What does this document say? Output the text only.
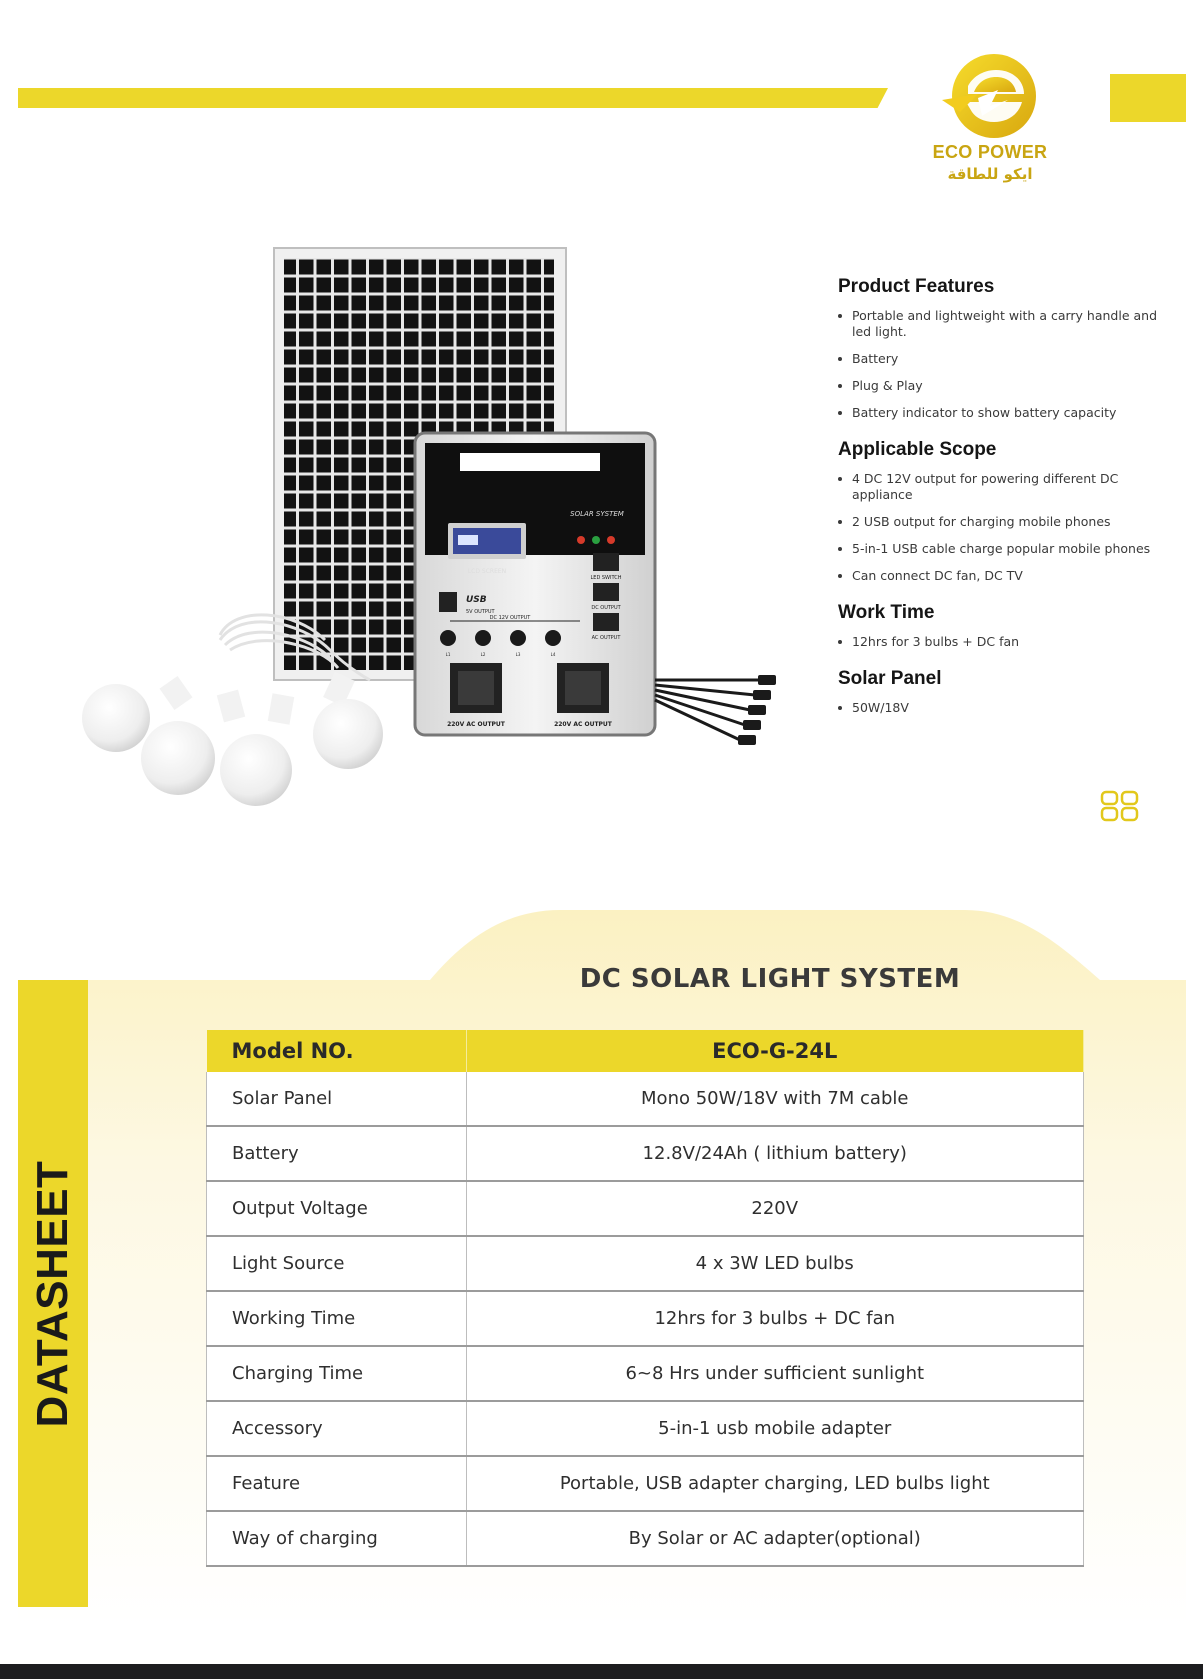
ECO POWER
ايكو للطاقة
SOLAR SYSTEM
LCD SCREEN
USB
5V OUTPUT
LED SWITCH
DC OUTPUT
AC OUTPUT
DC 12V OUTPUT
L1	L2	L3	L4
220V AC OUTPUT	220V AC OUTPUT
Product Features
Portable and lightweight with a carry handle and led light.
Battery
Plug & Play
Battery indicator to show battery capacity
Applicable Scope
4 DC 12V output for powering different DC appliance
2 USB output for charging mobile phones
5-in-1 USB cable charge popular mobile phones
Can connect DC fan, DC TV
Work Time
12hrs for 3 bulbs + DC fan
Solar Panel
50W/18V
DATASHEET
DC SOLAR LIGHT SYSTEM
Model NO.	ECO-G-24L
Solar Panel	Mono 50W/18V with 7M cable
Battery	12.8V/24Ah ( lithium battery)
Output Voltage	220V
Light Source	4 x 3W LED bulbs
Working Time	12hrs for 3 bulbs + DC fan
Charging Time	6~8 Hrs under sufficient sunlight
Accessory	5-in-1 usb mobile adapter
Feature	Portable, USB adapter charging, LED bulbs light
Way of charging	By Solar or AC adapter(optional)
